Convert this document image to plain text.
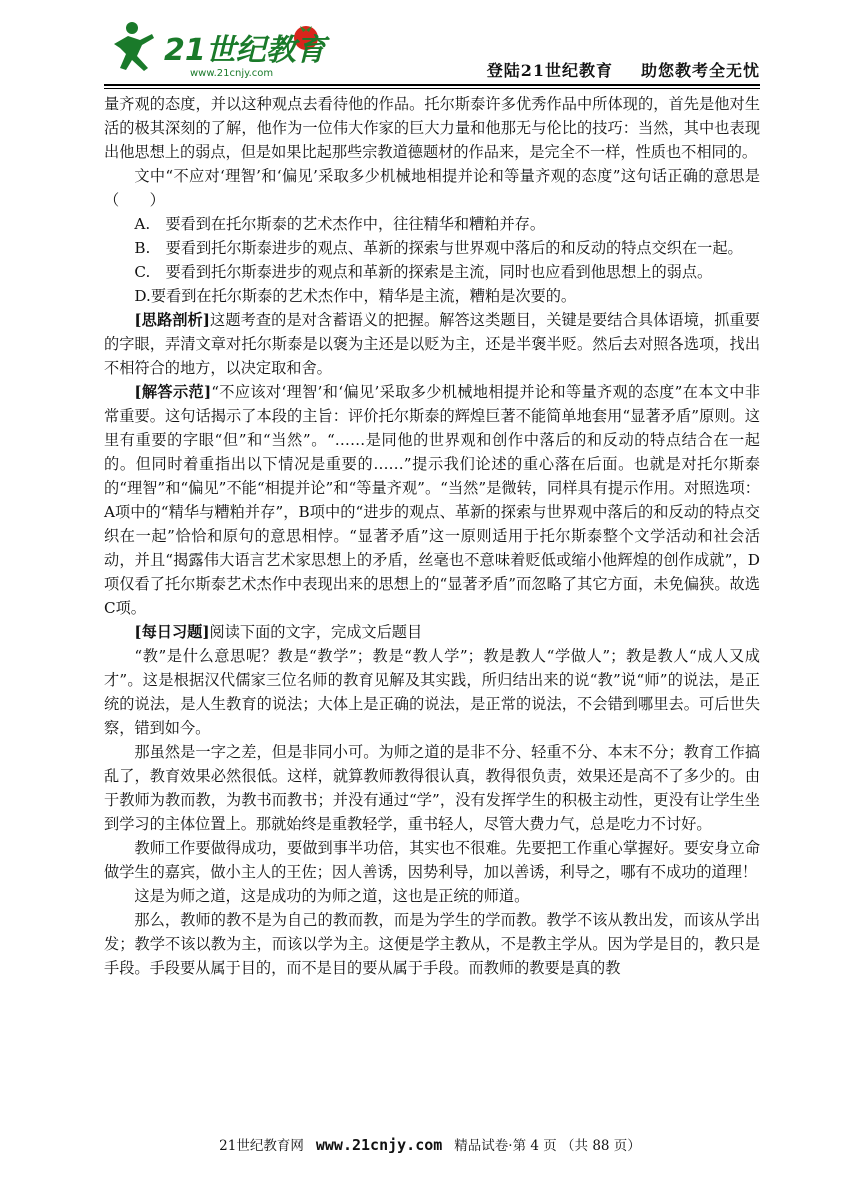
21世纪教育
www.21cnjy.com	登陆21世纪教育 助您教考全无忧

量齐观的态度，并以这种观点去看待他的作品。托尔斯泰许多优秀作品中所体现的，首先是他对生活的极其深刻的了解，他作为一位伟大作家的巨大力量和他那无与伦比的技巧：当然，其中也表现出他思想上的弱点，但是如果比起那些宗教道德题材的作品来，是完全不一样，性质也不相同的。

文中“不应对‘理智’和‘偏见’采取多少机械地相提并论和等量齐观的态度”这句话正确的意思是（　　）

A.　要看到在托尔斯泰的艺术杰作中，往往精华和糟粕并存。

B.　要看到托尔斯泰进步的观点、革新的探索与世界观中落后的和反动的特点交织在一起。

C.　要看到托尔斯泰进步的观点和革新的探索是主流，同时也应看到他思想上的弱点。

D.要看到在托尔斯泰的艺术杰作中，精华是主流，糟粕是次要的。

[思路剖析]这题考查的是对含蓄语义的把握。解答这类题目，关键是要结合具体语境，抓重要的字眼，弄清文章对托尔斯泰是以褒为主还是以贬为主，还是半褒半贬。然后去对照各选项，找出不相符合的地方，以决定取和舍。

[解答示范]“不应该对‘理智’和‘偏见’采取多少机械地相提并论和等量齐观的态度”在本文中非常重要。这句话揭示了本段的主旨：评价托尔斯泰的辉煌巨著不能简单地套用“显著矛盾”原则。这里有重要的字眼“但”和“当然”。“……是同他的世界观和创作中落后的和反动的特点结合在一起的。但同时着重指出以下情况是重要的……”提示我们论述的重心落在后面。也就是对托尔斯泰的“理智”和“偏见”不能“相提并论”和“等量齐观”。“当然”是微转，同样具有提示作用。对照选项：A项中的“精华与糟粕并存”，B项中的“进步的观点、革新的探索与世界观中落后的和反动的特点交织在一起”恰恰和原句的意思相悖。“显著矛盾”这一原则适用于托尔斯泰整个文学活动和社会活动，并且“揭露伟大语言艺术家思想上的矛盾，丝毫也不意味着贬低或缩小他辉煌的创作成就”，D项仅看了托尔斯泰艺术杰作中表现出来的思想上的“显著矛盾”而忽略了其它方面，未免偏狭。故选C项。

[每日习题]阅读下面的文字，完成文后题目

“教”是什么意思呢？教是“教学”；教是“教人学”；教是教人“学做人”；教是教人“成人又成才”。这是根据汉代儒家三位名师的教育见解及其实践，所归结出来的说“教”说“师”的说法，是正统的说法，是人生教育的说法；大体上是正确的说法，是正常的说法，不会错到哪里去。可后世失察，错到如今。

那虽然是一字之差，但是非同小可。为师之道的是非不分、轻重不分、本末不分；教育工作搞乱了，教育效果必然很低。这样，就算教师教得很认真，教得很负责，效果还是高不了多少的。由于教师为教而教，为教书而教书；并没有通过“学”，没有发挥学生的积极主动性，更没有让学生坐到学习的主体位置上。那就始终是重教轻学，重书轻人，尽管大费力气，总是吃力不讨好。

教师工作要做得成功，要做到事半功倍，其实也不很难。先要把工作重心掌握好。要安身立命做学生的嘉宾，做小主人的王佐；因人善诱，因势利导，加以善诱，利导之，哪有不成功的道理！

这是为师之道，这是成功的为师之道，这也是正统的师道。

那么，教师的教不是为自己的教而教，而是为学生的学而教。教学不该从教出发，而该从学出发；教学不该以教为主，而该以学为主。这便是学主教从，不是教主学从。因为学是目的，教只是手段。手段要从属于目的，而不是目的要从属于手段。而教师的教要是真的教

21世纪教育网 www.21cnjy.com 精品试卷·第 4 页 （共 88 页）
